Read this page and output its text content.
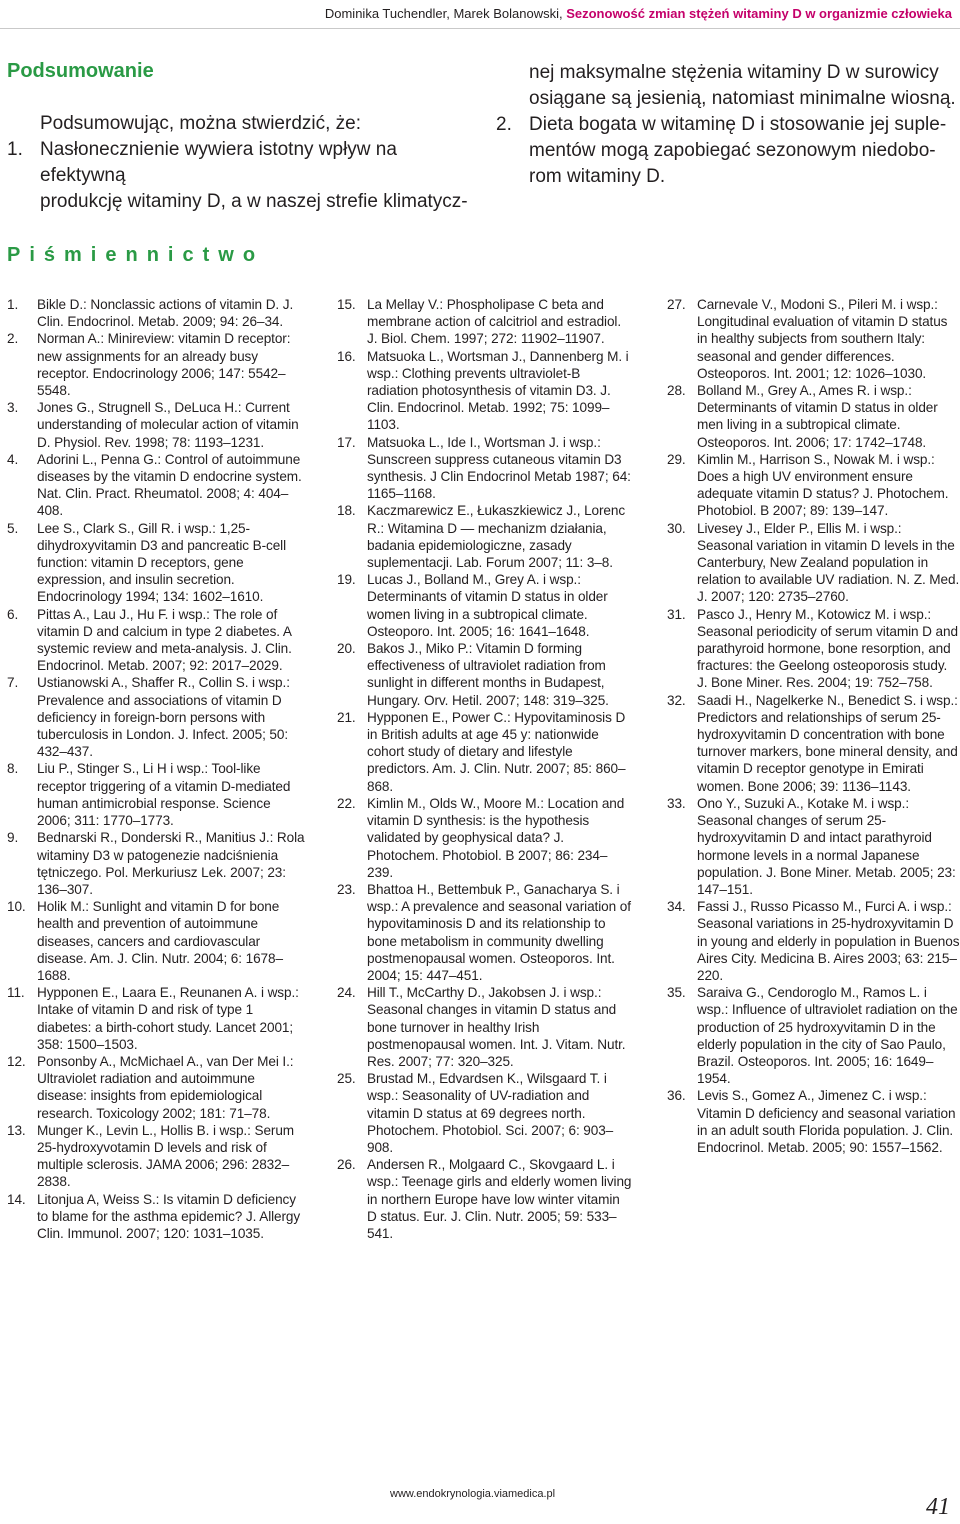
Dominika Tuchendler, Marek Bolanowski, Sezonowość zmian stężeń witaminy D w organizmie człowieka
Podsumowanie
Podsumowując, można stwierdzić, że:
1. Nasłonecznienie wywiera istotny wpływ na efektywną
produkcję witaminy D, a w naszej strefie klimatycz-
nej maksymalne stężenia witaminy D w surowicy
osiągane są jesienią, natomiast minimalne wiosną.
2. Dieta bogata w witaminę D i stosowanie jej suple-
mentów mogą zapobiegać sezonowym niedobo-
rom witaminy D.
Piśmiennictwo

1. Bikle D.: Nonclassic actions of vitamin D. J. Clin. Endocrinol. Metab. 2009; 94: 26–34.

2. Norman A.: Minireview: vitamin D receptor: new assignments for an already busy receptor. Endocrinology 2006; 147: 5542–5548.

3. Jones G., Strugnell S., DeLuca H.: Current understanding of molecular action of vitamin D. Physiol. Rev. 1998; 78: 1193–1231.

4. Adorini L., Penna G.: Control of autoimmune diseases by the vitamin D endocrine system. Nat. Clin. Pract. Rheumatol. 2008; 4: 404–408.

5. Lee S., Clark S., Gill R. i wsp.: 1,25-dihydroxyvitamin D3 and pancreatic B-cell function: vitamin D receptors, gene expression, and insulin secretion. Endocrinology 1994; 134: 1602–1610.

6. Pittas A., Lau J., Hu F. i wsp.: The role of vitamin D and calcium in type 2 diabetes. A systemic review and meta-analysis. J. Clin. Endocrinol. Metab. 2007; 92: 2017–2029.

7. Ustianowski A., Shaffer R., Collin S. i wsp.: Prevalence and associations of vitamin D deficiency in foreign-born persons with tuberculosis in London. J. Infect. 2005; 50: 432–437.

8. Liu P., Stinger S., Li H i wsp.: Tool-like receptor triggering of a vitamin D-mediated human antimicrobial response. Science 2006; 311: 1770–1773.

9. Bednarski R., Donderski R., Manitius J.: Rola witaminy D3 w patogenezie nadciśnienia tętniczego. Pol. Merkuriusz Lek. 2007; 23: 136–307.

10. Holik M.: Sunlight and vitamin D for bone health and prevention of autoimmune diseases, cancers and cardiovascular disease. Am. J. Clin. Nutr. 2004; 6: 1678–1688.

11. Hypponen E., Laara E., Reunanen A. i wsp.: Intake of vitamin D and risk of type 1 diabetes: a birth-cohort study. Lancet 2001; 358: 1500–1503.

12. Ponsonby A., McMichael A., van Der Mei I.: Ultraviolet radiation and autoimmune disease: insights from epidemiological research. Toxicology 2002; 181: 71–78.

13. Munger K., Levin L., Hollis B. i wsp.: Serum 25-hydroxyvotamin D levels and risk of multiple sclerosis. JAMA 2006; 296: 2832–2838.

14. Litonjua A, Weiss S.: Is vitamin D deficiency to blame for the asthma epidemic? J. Allergy Clin. Immunol. 2007; 120: 1031–1035.

15. La Mellay V.: Phospholipase C beta and membrane action of calcitriol and estradiol. J. Biol. Chem. 1997; 272: 11902–11907.

16. Matsuoka L., Wortsman J., Dannenberg M. i wsp.: Clothing prevents ultraviolet-B radiation photosynthesis of vitamin D3. J. Clin. Endocrinol. Metab. 1992; 75: 1099–1103.

17. Matsuoka L., Ide I., Wortsman J. i wsp.: Sunscreen suppress cutaneous vitamin D3 synthesis. J Clin Endocrinol Metab 1987; 64: 1165–1168.

18. Kaczmarewicz E., Łukaszkiewicz J., Lorenc R.: Witamina D — mechanizm działania, badania epidemiologiczne, zasady suplementacji. Lab. Forum 2007; 11: 3–8.

19. Lucas J., Bolland M., Grey A. i wsp.: Determinants of vitamin D status in older women living in a subtropical climate. Osteoporo. Int. 2005; 16: 1641–1648.

20. Bakos J., Miko P.: Vitamin D forming effectiveness of ultraviolet radiation from sunlight in different months in Budapest, Hungary. Orv. Hetil. 2007; 148: 319–325.

21. Hypponen E., Power C.: Hypovitaminosis D in British adults at age 45 y: nationwide cohort study of dietary and lifestyle predictors. Am. J. Clin. Nutr. 2007; 85: 860–868.

22. Kimlin M., Olds W., Moore M.: Location and vitamin D synthesis: is the hypothesis validated by geophysical data? J. Photochem. Photobiol. B 2007; 86: 234–239.

23. Bhattoa H., Bettembuk P., Ganacharya S. i wsp.: A prevalence and seasonal variation of hypovitaminosis D and its relationship to bone metabolism in community dwelling postmenopausal women. Osteoporos. Int. 2004; 15: 447–451.

24. Hill T., McCarthy D., Jakobsen J. i wsp.: Seasonal changes in vitamin D status and bone turnover in healthy Irish postmenopausal women. Int. J. Vitam. Nutr. Res. 2007; 77: 320–325.

25. Brustad M., Edvardsen K., Wilsgaard T. i wsp.: Seasonality of UV-radiation and vitamin D status at 69 degrees north. Photochem. Photobiol. Sci. 2007; 6: 903–908.

26. Andersen R., Molgaard C., Skovgaard L. i wsp.: Teenage girls and elderly women living in northern Europe have low winter vitamin D status. Eur. J. Clin. Nutr. 2005; 59: 533–541.

27. Carnevale V., Modoni S., Pileri M. i wsp.: Longitudinal evaluation of vitamin D status in healthy subjects from southern Italy: seasonal and gender differences. Osteoporos. Int. 2001; 12: 1026–1030.

28. Bolland M., Grey A., Ames R. i wsp.: Determinants of vitamin D status in older men living in a subtropical climate. Osteoporos. Int. 2006; 17: 1742–1748.

29. Kimlin M., Harrison S., Nowak M. i wsp.: Does a high UV environment ensure adequate vitamin D status? J. Photochem. Photobiol. B 2007; 89: 139–147.

30. Livesey J., Elder P., Ellis M. i wsp.: Seasonal variation in vitamin D levels in the Canterbury, New Zealand population in relation to available UV radiation. N. Z. Med. J. 2007; 120: 2735–2760.

31. Pasco J., Henry M., Kotowicz M. i wsp.: Seasonal periodicity of serum vitamin D and parathyroid hormone, bone resorption, and fractures: the Geelong osteoporosis study. J. Bone Miner. Res. 2004; 19: 752–758.

32. Saadi H., Nagelkerke N., Benedict S. i wsp.: Predictors and relationships of serum 25-hydroxyvitamin D concentration with bone turnover markers, bone mineral density, and vitamin D receptor genotype in Emirati women. Bone 2006; 39: 1136–1143.

33. Ono Y., Suzuki A., Kotake M. i wsp.: Seasonal changes of serum 25-hydroxyvitamin D and intact parathyroid hormone levels in a normal Japanese population. J. Bone Miner. Metab. 2005; 23: 147–151.

34. Fassi J., Russo Picasso M., Furci A. i wsp.: Seasonal variations in 25-hydroxyvitamin D in young and elderly in population in Buenos Aires City. Medicina B. Aires 2003; 63: 215–220.

35. Saraiva G., Cendoroglo M., Ramos L. i wsp.: Influence of ultraviolet radiation on the production of 25 hydroxyvitamin D in the elderly population in the city of Sao Paulo, Brazil. Osteoporos. Int. 2005; 16: 1649–1954.

36. Levis S., Gomez A., Jimenez C. i wsp.: Vitamin D deficiency and seasonal variation in an adult south Florida population. J. Clin. Endocrinol. Metab. 2005; 90: 1557–1562.

www.endokrynologia.viamedica.pl	41
